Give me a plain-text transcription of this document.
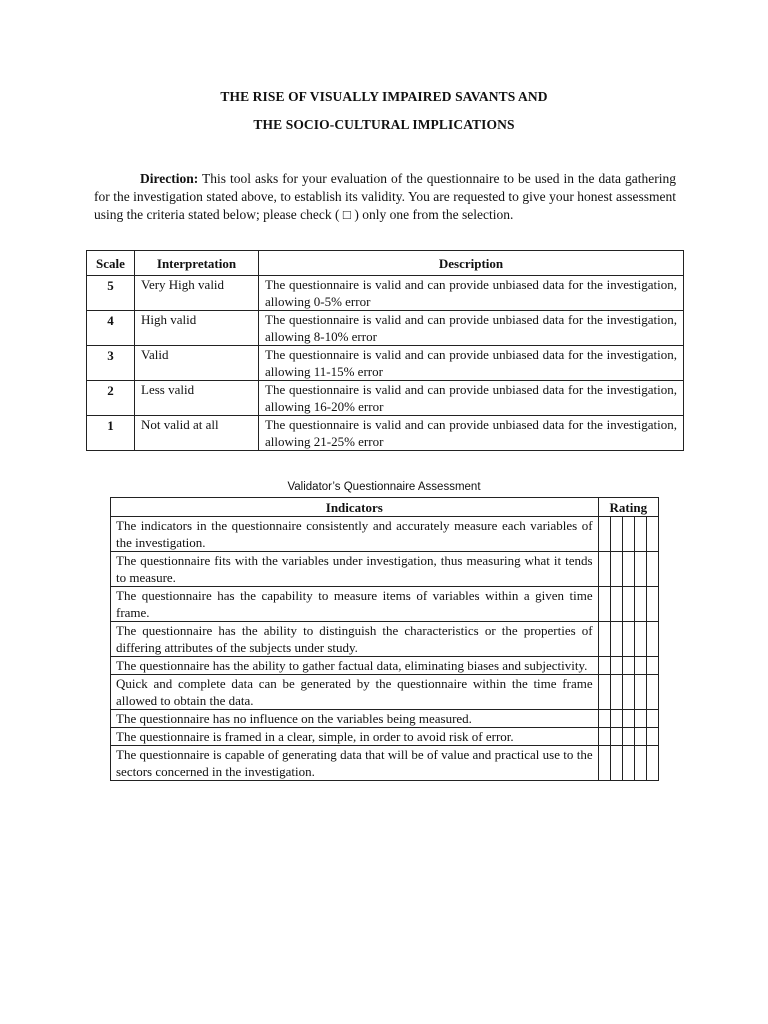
THE RISE OF VISUALLY IMPAIRED SAVANTS AND
THE SOCIO-CULTURAL IMPLICATIONS

Direction: This tool asks for your evaluation of the questionnaire to be used in the data gathering for the investigation stated above, to establish its validity. You are requested to give your honest assessment using the criteria stated below; please check ( □ ) only one from the selection.

Scale	Interpretation	Description
5	Very High valid	The questionnaire is valid and can provide unbiased data for the investigation, allowing 0-5% error
4	High valid	The questionnaire is valid and can provide unbiased data for the investigation, allowing 8-10% error
3	Valid	The questionnaire is valid and can provide unbiased data for the investigation, allowing 11-15% error
2	Less valid	The questionnaire is valid and can provide unbiased data for the investigation, allowing 16-20% error
1	Not valid at all	The questionnaire is valid and can provide unbiased data for the investigation, allowing 21-25% error
Validator’s Questionnaire Assessment
Indicators	Rating				
The indicators in the questionnaire consistently and accurately measure each variables of the investigation.					
The questionnaire fits with the variables under investigation, thus measuring what it tends to measure.					
The questionnaire has the capability to measure items of variables within a given time frame.					
The questionnaire has the ability to distinguish the characteristics or the properties of differing attributes of the subjects under study.					
The questionnaire has the ability to gather factual data, eliminating biases and subjectivity.					
Quick and complete data can be generated by the questionnaire within the time frame allowed to obtain the data.					
The questionnaire has no influence on the variables being measured.					
The questionnaire is framed in a clear, simple, in order to avoid risk of error.					
The questionnaire is capable of generating data that will be of value and practical use to the sectors concerned in the investigation.					
